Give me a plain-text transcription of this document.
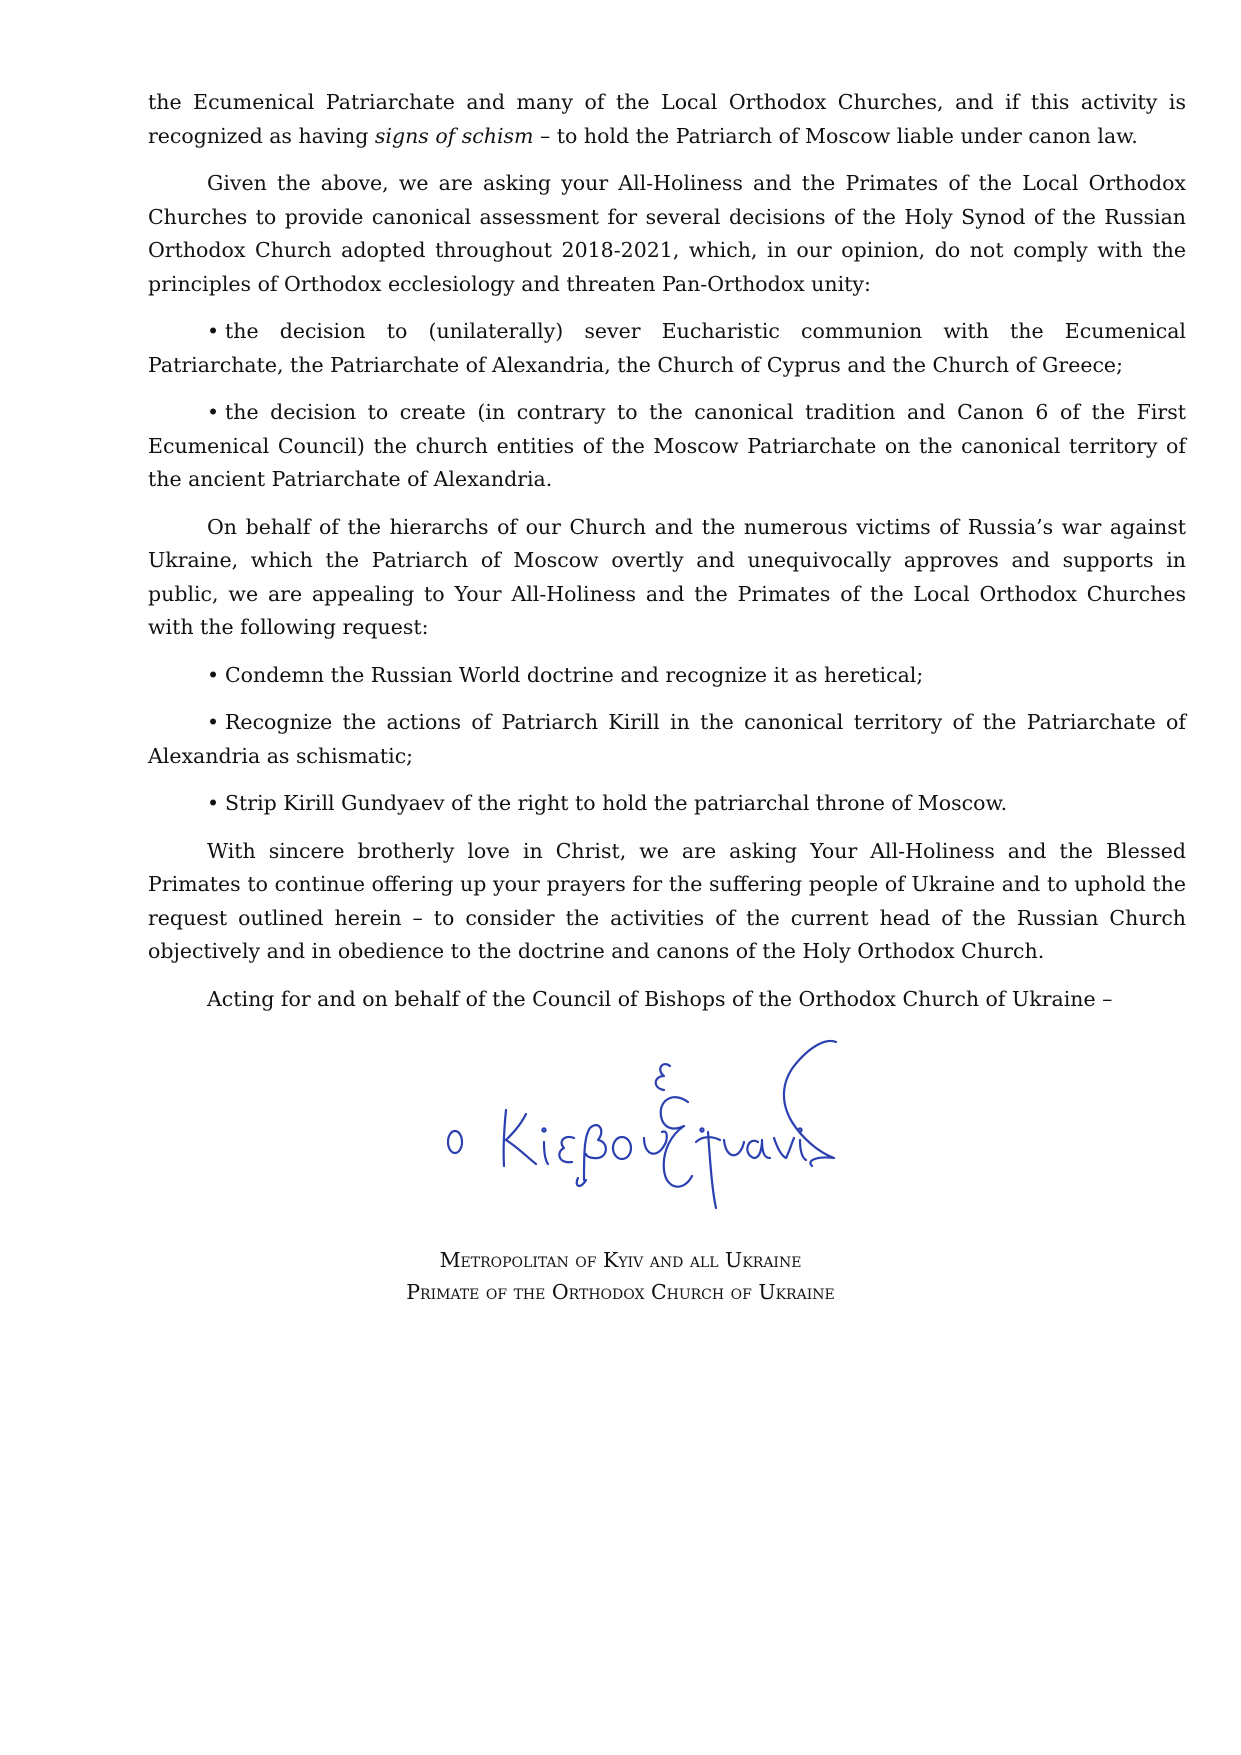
the Ecumenical Patriarchate and many of the Local Orthodox Churches, and if this activity is recognized as having signs of schism – to hold the Patriarch of Moscow liable under canon law.

Given the above, we are asking your All-Holiness and the Primates of the Local Orthodox Churches to provide canonical assessment for several decisions of the Holy Synod of the Russian Orthodox Church adopted throughout 2018-2021, which, in our opinion, do not comply with the principles of Orthodox ecclesiology and threaten Pan-Orthodox unity:

• the decision to (unilaterally) sever Eucharistic communion with the Ecumenical Patriarchate, the Patriarchate of Alexandria, the Church of Cyprus and the Church of Greece;

• the decision to create (in contrary to the canonical tradition and Canon 6 of the First Ecumenical Council) the church entities of the Moscow Patriarchate on the canonical territory of the ancient Patriarchate of Alexandria.

On behalf of the hierarchs of our Church and the numerous victims of Russia’s war against Ukraine, which the Patriarch of Moscow overtly and unequivocally approves and supports in public, we are appealing to Your All-Holiness and the Primates of the Local Orthodox Churches with the following request:

• Condemn the Russian World doctrine and recognize it as heretical;

• Recognize the actions of Patriarch Kirill in the canonical territory of the Patriarchate of Alexandria as schismatic;

• Strip Kirill Gundyaev of the right to hold the patriarchal throne of Moscow.

With sincere brotherly love in Christ, we are asking Your All-Holiness and the Blessed Primates to continue offering up your prayers for the suffering people of Ukraine and to uphold the request outlined herein – to consider the activities of the current head of the Russian Church objectively and in obedience to the doctrine and canons of the Holy Orthodox Church.

Acting for and on behalf of the Council of Bishops of the Orthodox Church of Ukraine –

Metropolitan of Kyiv and all Ukraine
Primate of the Orthodox Church of Ukraine
